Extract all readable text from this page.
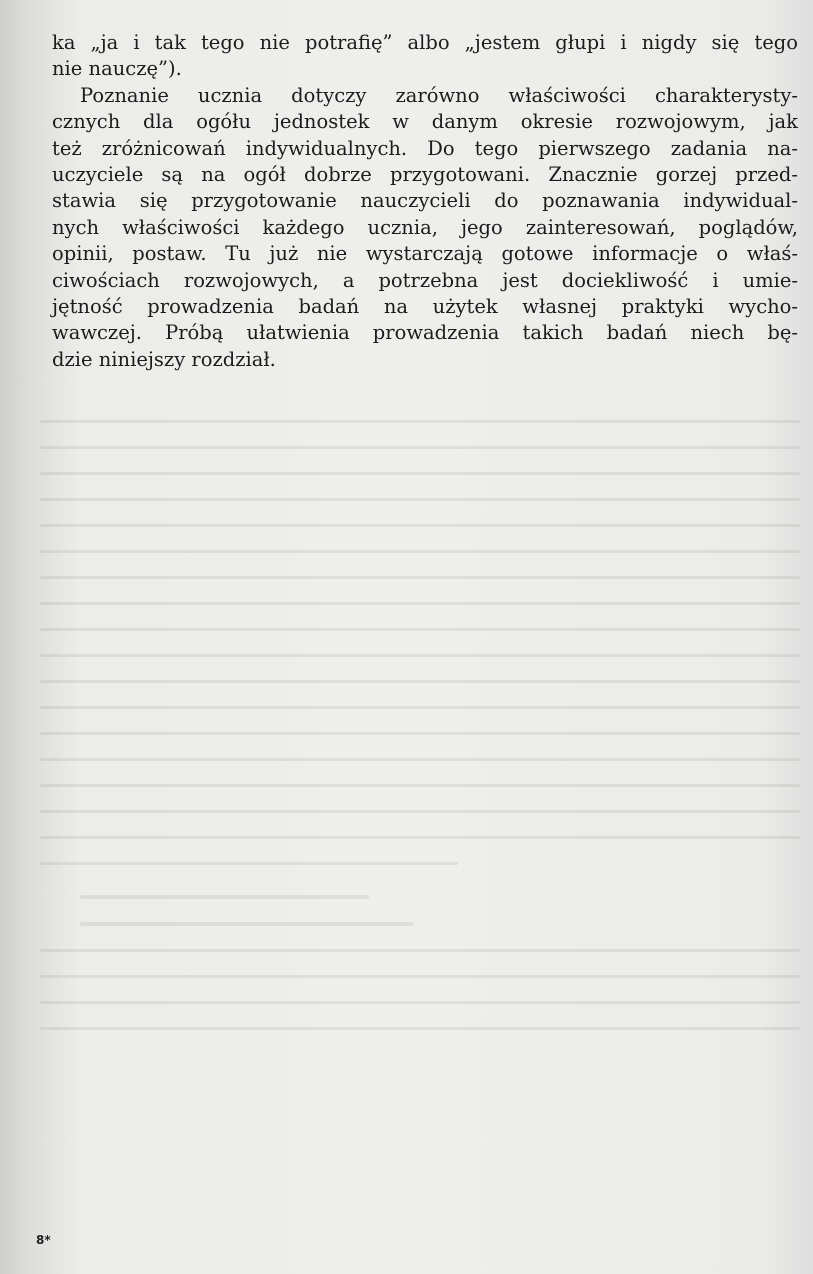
ka „ja i tak tego nie potrafię” albo „jestem głupi i nigdy się tego
nie nauczę”).

Poznanie ucznia dotyczy zarówno właściwości charakterysty-
cznych dla ogółu jednostek w danym okresie rozwojowym, jak
też zróżnicowań indywidualnych. Do tego pierwszego zadania na-
uczyciele są na ogół dobrze przygotowani. Znacznie gorzej przed-
stawia się przygotowanie nauczycieli do poznawania indywidual-
nych właściwości każdego ucznia, jego zainteresowań, poglądów,
opinii, postaw. Tu już nie wystarczają gotowe informacje o właś-
ciwościach rozwojowych, a potrzebna jest dociekliwość i umie-
jętność prowadzenia badań na użytek własnej praktyki wycho-
wawczej. Próbą ułatwienia prowadzenia takich badań niech bę-
dzie niniejszy rozdział.

8*
